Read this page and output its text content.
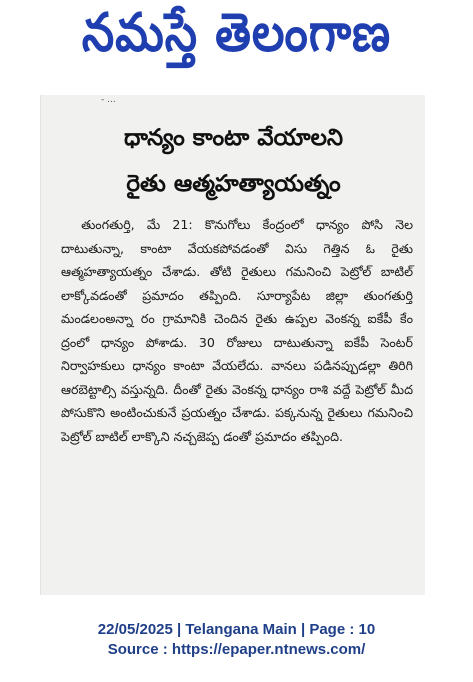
నమస్తే తెలంగాణ
- ...
ధాన్యం కాంటా వేయాలని
రైతు ఆత్మహత్యాయత్నం
తుంగతుర్తి, మే 21: కొనుగోలు కేంద్రంలో ధాన్యం పోసి నెల దాటుతున్నా, కాంటా వేయకపోవడంతో విసు గెత్తిన ఓ రైతు ఆత్మహత్యాయత్నం చేశాడు. తోటి రైతులు గమనించి పెట్రోల్ బాటిల్ లాక్కోవడంతో ప్రమాదం తప్పింది. సూర్యాపేట జిల్లా తుంగతుర్తి మండలంఅన్నా రం గ్రామానికి చెందిన రైతు ఉప్పల వెంకన్న ఐకేపీ కేం ద్రంలో ధాన్యం పోశాడు. 30 రోజులు దాటుతున్నా ఐకేపీ సెంటర్ నిర్వాహకులు ధాన్యం కాంటా వేయలేదు. వానలు పడినప్పుడల్లా తిరిగి ఆరబెట్టాల్సి వస్తున్నది. దీంతో రైతు వెంకన్న ధాన్యం రాశి వద్దే పెట్రోల్ మీద పోసుకొని అంటించుకునే ప్రయత్నం చేశాడు. పక్కనున్న రైతులు గమనించి పెట్రోల్ బాటిల్ లాక్కొని నచ్చజెప్ప డంతో ప్రమాదం తప్పింది.
22/05/2025 | Telangana Main | Page : 10
Source : https://epaper.ntnews.com/
